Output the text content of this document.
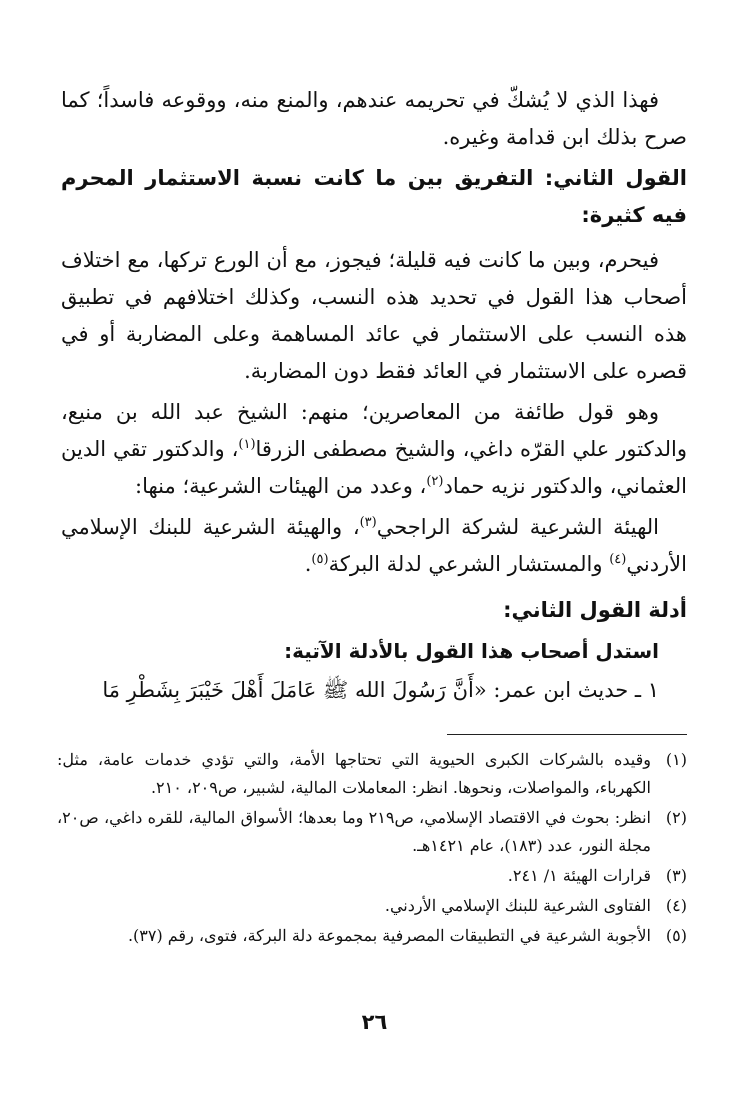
فهذا الذي لا يُشكّ في تحريمه عندهم، والمنع منه، ووقوعه فاسداً؛ كما صرح بذلك ابن قدامة وغيره.

القول الثاني: التفريق بين ما كانت نسبة الاستثمار المحرم فيه كثيرة:

فيحرم، وبين ما كانت فيه قليلة؛ فيجوز، مع أن الورع تركها، مع اختلاف أصحاب هذا القول في تحديد هذه النسب، وكذلك اختلافهم في تطبيق هذه النسب على الاستثمار في عائد المساهمة وعلى المضاربة أو في قصره على الاستثمار في العائد فقط دون المضاربة.

وهو قول طائفة من المعاصرين؛ منهم: الشيخ عبد الله بن منيع، والدكتور علي القرّه داغي، والشيخ مصطفى الزرقا$^{(١)}$، والدكتور تقي الدين العثماني، والدكتور نزيه حماد$^{(٢)}$، وعدد من الهيئات الشرعية؛ منها:

الهيئة الشرعية لشركة الراجحي$^{(٣)}$، والهيئة الشرعية للبنك الإسلامي الأردني$^{(٤)}$ والمستشار الشرعي لدلة البركة$^{(٥)}$.

أدلة القول الثاني:

استدل أصحاب هذا القول بالأدلة الآتية:

١ ـ حديث ابن عمر: «أَنَّ رَسُولَ الله ﷺ عَامَلَ أَهْلَ خَيْبَرَ بِشَطْرِ مَا

(١)
وقيده بالشركات الكبرى الحيوية التي تحتاجها الأمة، والتي تؤدي خدمات عامة، مثل: الكهرباء، والمواصلات، ونحوها. انظر: المعاملات المالية، لشبير، ص٢٠٩، ٢١٠.
(٢)
انظر: بحوث في الاقتصاد الإسلامي، ص٢١٩ وما بعدها؛ الأسواق المالية، للقره داغي، ص٢٠، مجلة النور، عدد (١٨٣)، عام ١٤٢١هـ.
(٣)
قرارات الهيئة ١/ ٢٤١.
(٤)
الفتاوى الشرعية للبنك الإسلامي الأردني.
(٥)
الأجوبة الشرعية في التطبيقات المصرفية بمجموعة دلة البركة، فتوى، رقم (٣٧).
٢٦
